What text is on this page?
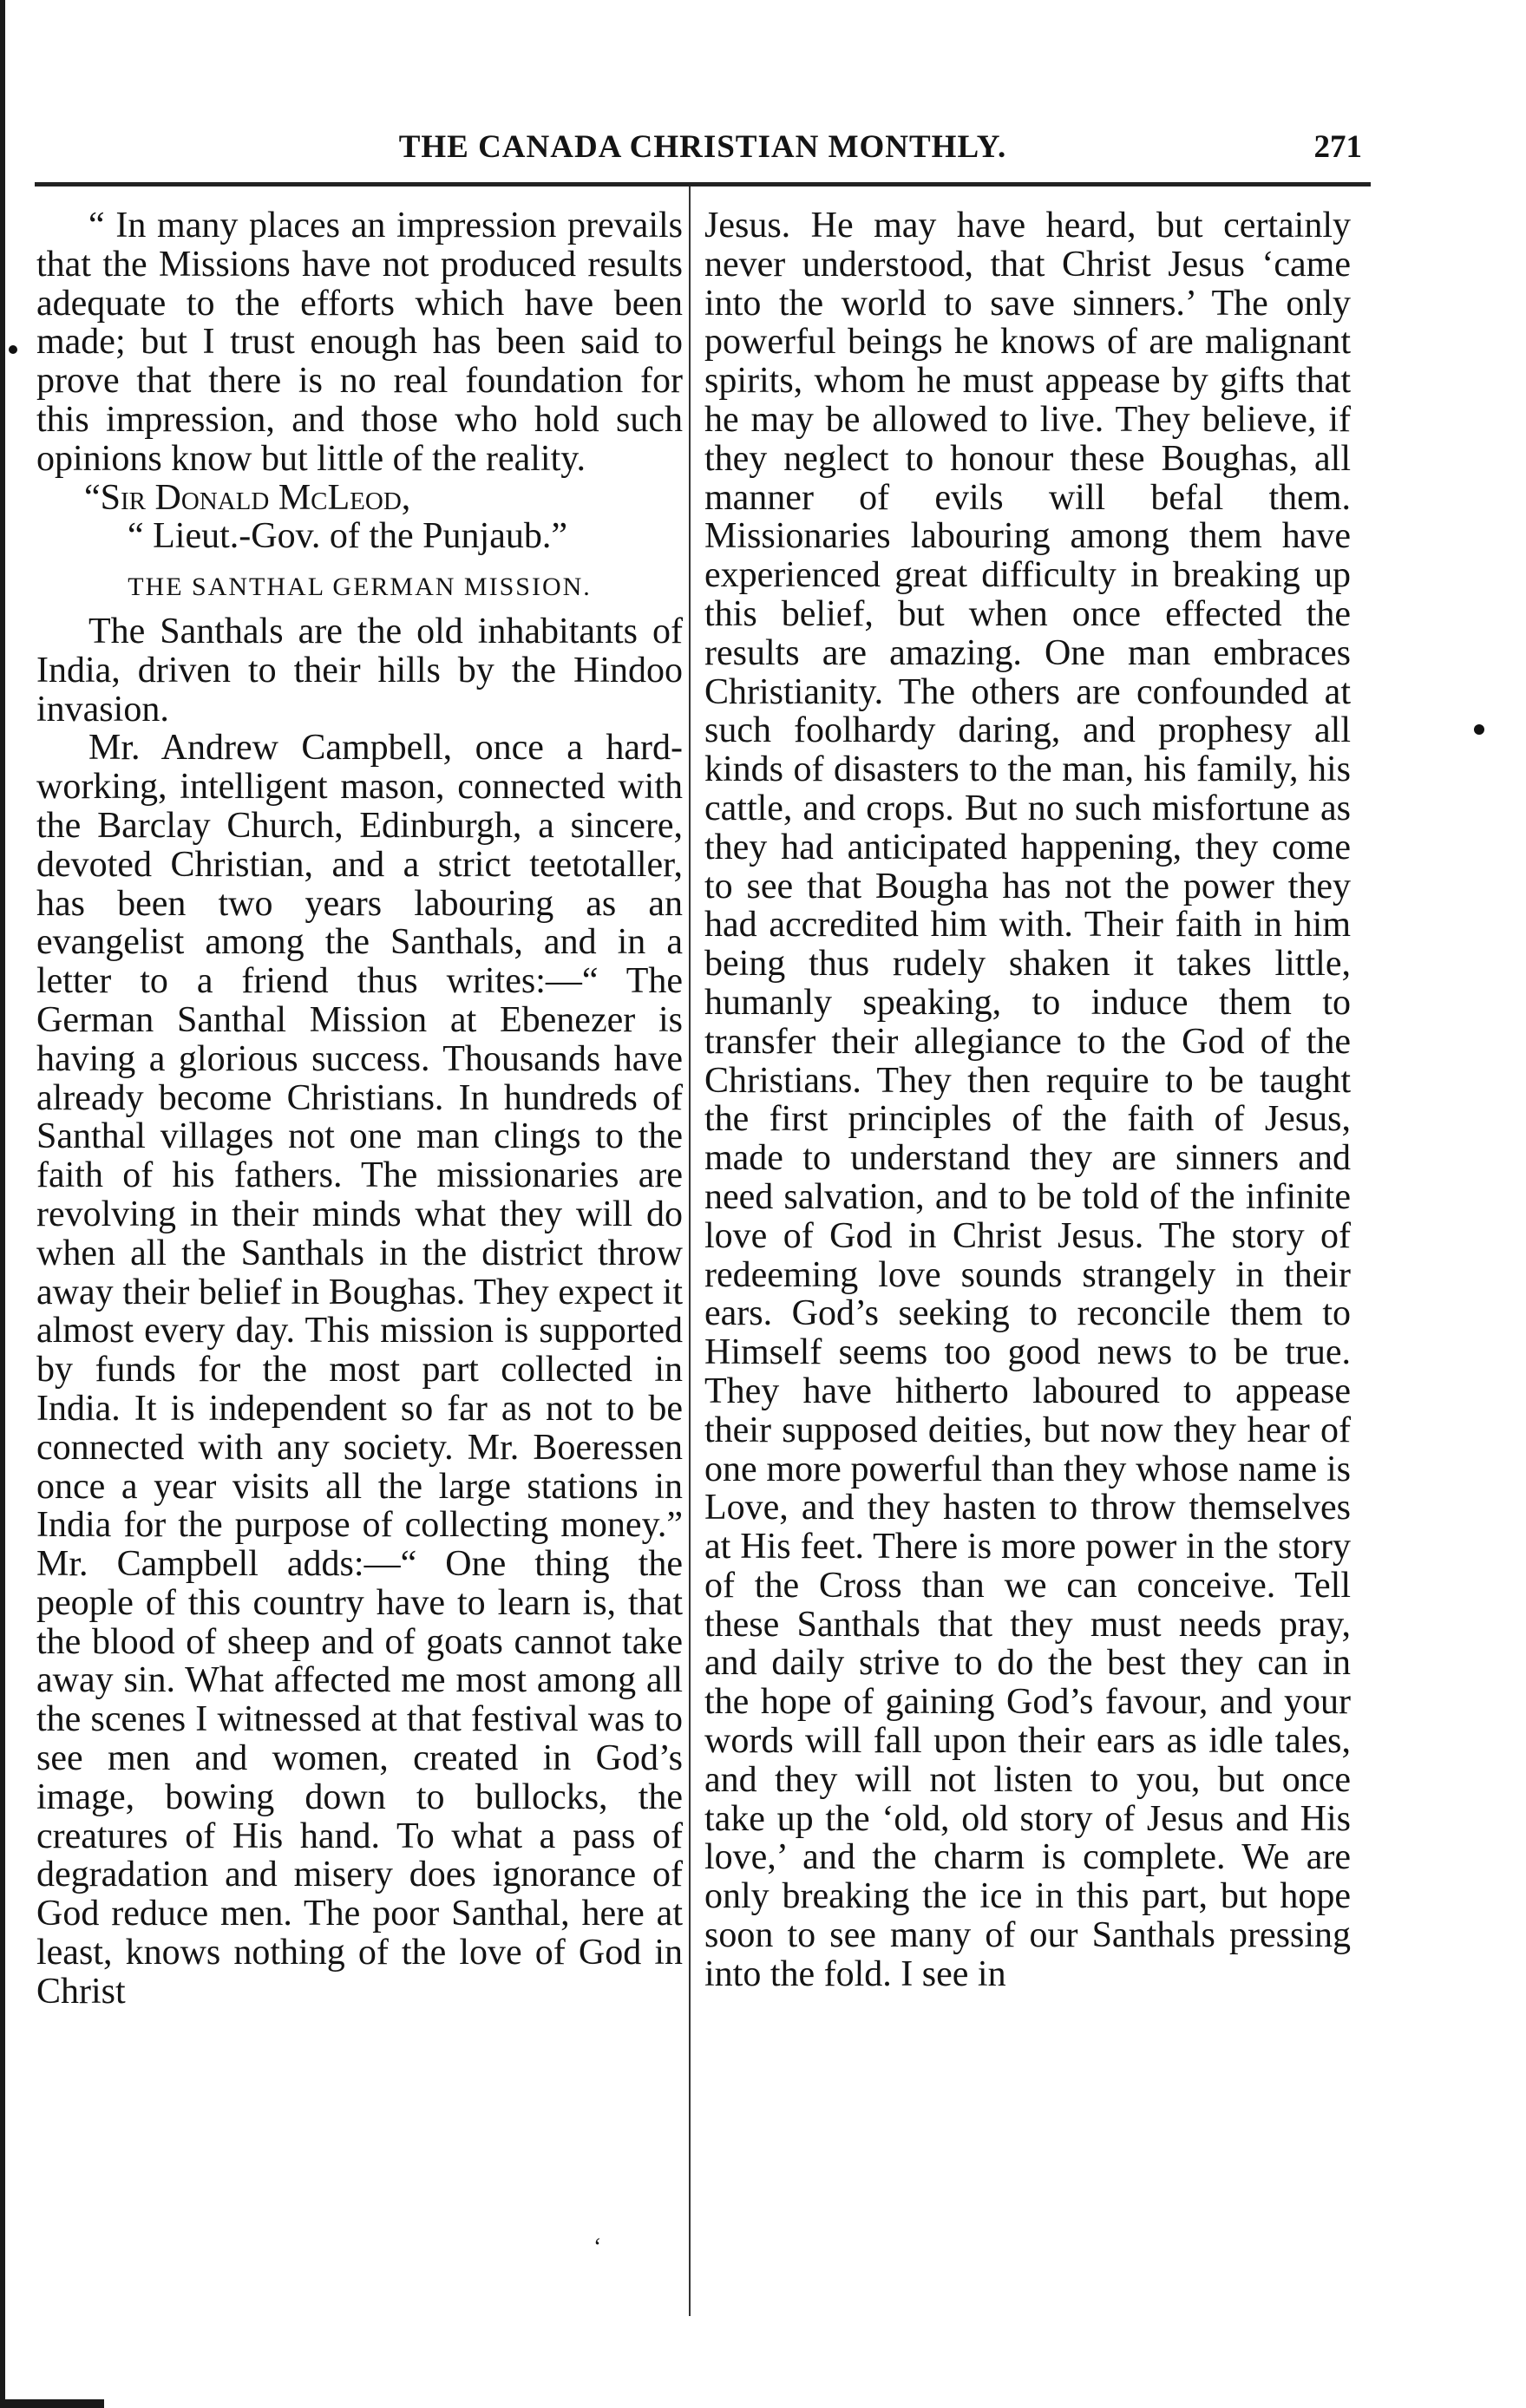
THE CANADA CHRISTIAN MONTHLY.	271

“ In many places an impression prevails that the Missions have not produced results adequate to the efforts which have been made; but I trust enough has been said to prove that there is no real foundation for this impression, and those who hold such opinions know but little of the reality.

“Sir Donald McLeod,

“ Lieut.-Gov. of the Punjaub.”

THE SANTHAL GERMAN MISSION.

The Santhals are the old inhabitants of India, driven to their hills by the Hindoo invasion.

Mr. Andrew Campbell, once a hard-working, intelligent mason, connected with the Barclay Church, Edinburgh, a sincere, devoted Christian, and a strict teetotaller, has been two years labouring as an evangelist among the Santhals, and in a letter to a friend thus writes:—“ The German Santhal Mission at Ebenezer is having a glorious success. Thousands have already become Christians. In hundreds of Santhal villages not one man clings to the faith of his fathers. The missionaries are revolving in their minds what they will do when all the Santhals in the district throw away their belief in Boughas. They expect it almost every day. This mission is supported by funds for the most part collected in India. It is independent so far as not to be connected with any society. Mr. Boeressen once a year visits all the large stations in India for the purpose of collecting money.” Mr. Campbell adds:—“ One thing the people of this country have to learn is, that the blood of sheep and of goats cannot take away sin. What affected me most among all the scenes I witnessed at that festival was to see men and women, created in God’s image, bowing down to bullocks, the creatures of His hand. To what a pass of degradation and misery does ignorance of God reduce men. The poor Santhal, here at least, knows nothing of the love of God in Christ

Jesus. He may have heard, but certainly never understood, that Christ Jesus ‘came into the world to save sinners.’ The only powerful beings he knows of are malignant spirits, whom he must appease by gifts that he may be allowed to live. They believe, if they neglect to honour these Boughas, all manner of evils will befal them. Missionaries labouring among them have experienced great difficulty in breaking up this belief, but when once effected the results are amazing. One man embraces Christianity. The others are confounded at such foolhardy daring, and prophesy all kinds of disasters to the man, his family, his cattle, and crops. But no such misfortune as they had anticipated happening, they come to see that Bougha has not the power they had accredited him with. Their faith in him being thus rudely shaken it takes little, humanly speaking, to induce them to transfer their allegiance to the God of the Christians. They then require to be taught the first principles of the faith of Jesus, made to understand they are sinners and need salvation, and to be told of the infinite love of God in Christ Jesus. The story of redeeming love sounds strangely in their ears. God’s seeking to reconcile them to Himself seems too good news to be true. They have hitherto laboured to appease their supposed deities, but now they hear of one more powerful than they whose name is Love, and they hasten to throw themselves at His feet. There is more power in the story of the Cross than we can conceive. Tell these Santhals that they must needs pray, and daily strive to do the best they can in the hope of gaining God’s favour, and your words will fall upon their ears as idle tales, and they will not listen to you, but once take up the ‘old, old story of Jesus and His love,’ and the charm is complete. We are only breaking the ice in this part, but hope soon to see many of our Santhals pressing into the fold. I see in

‘
